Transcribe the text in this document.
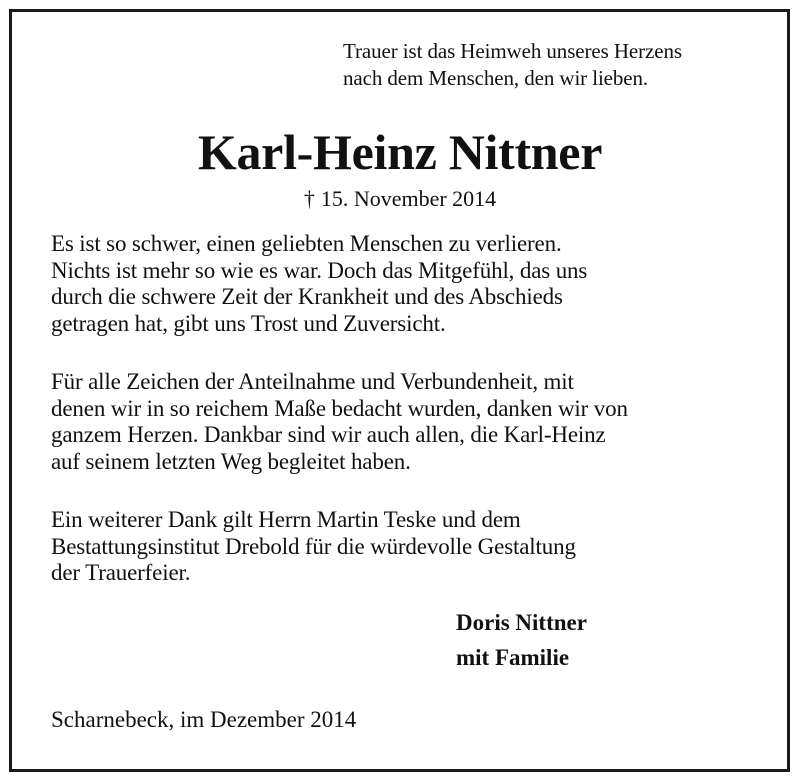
Trauer ist das Heimweh unseres Herzens
nach dem Menschen, den wir lieben.
Karl-Heinz Nittner
† 15. November 2014
Es ist so schwer, einen geliebten Menschen zu verlieren.
Nichts ist mehr so wie es war. Doch das Mitgefühl, das uns
durch die schwere Zeit der Krankheit und des Abschieds
getragen hat, gibt uns Trost und Zuversicht.
Für alle Zeichen der Anteilnahme und Verbundenheit, mit
denen wir in so reichem Maße bedacht wurden, danken wir von
ganzem Herzen. Dankbar sind wir auch allen, die Karl-Heinz
auf seinem letzten Weg begleitet haben.
Ein weiterer Dank gilt Herrn Martin Teske und dem
Bestattungsinstitut Drebold für die würdevolle Gestaltung
der Trauerfeier.
Doris Nittner
mit Familie
Scharnebeck, im Dezember 2014
